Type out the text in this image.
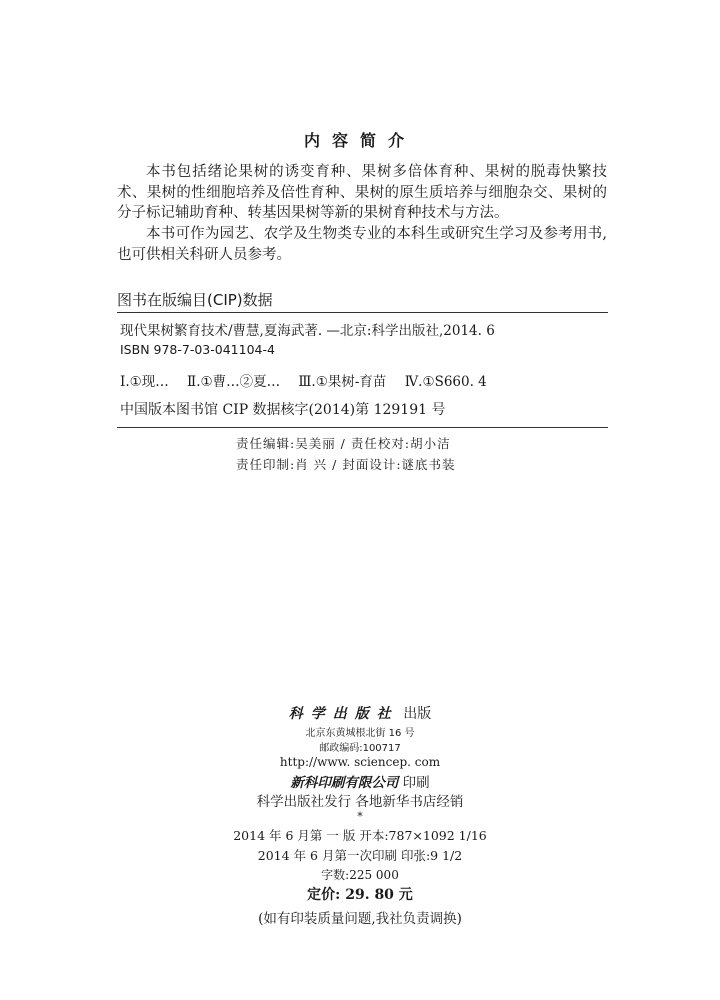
内容简介

本书包括绪论果树的诱变育种、果树多倍体育种、果树的脱毒快繁技术、果树的性细胞培养及倍性育种、果树的原生质培养与细胞杂交、果树的分子标记辅助育种、转基因果树等新的果树育种技术与方法。

本书可作为园艺、农学及生物类专业的本科生或研究生学习及参考用书,也可供相关科研人员参考。

图书在版编目(CIP)数据
现代果树繁育技术/曹慧,夏海武著. —北京:科学出版社,2014. 6
ISBN 978-7-03-041104-4
Ⅰ.①现… Ⅱ.①曹…②夏… Ⅲ.①果树-育苗 Ⅳ.①S660. 4
中国版本图书馆 CIP 数据核字(2014)第 129191 号
责任编辑:吴美丽 / 责任校对:胡小洁
责任印制:肖 兴 / 封面设计:谜底书装
科学出版社 出版
北京东黄城根北街 16 号
邮政编码:100717
http://www. sciencep. com
新科印刷有限公司 印刷
科学出版社发行 各地新华书店经销
*
2014 年 6 月第 一 版 开本:787×1092 1/16
2014 年 6 月第一次印刷 印张:9 1/2
字数:225 000
定价: 29. 80 元
(如有印装质量问题,我社负责调换)
